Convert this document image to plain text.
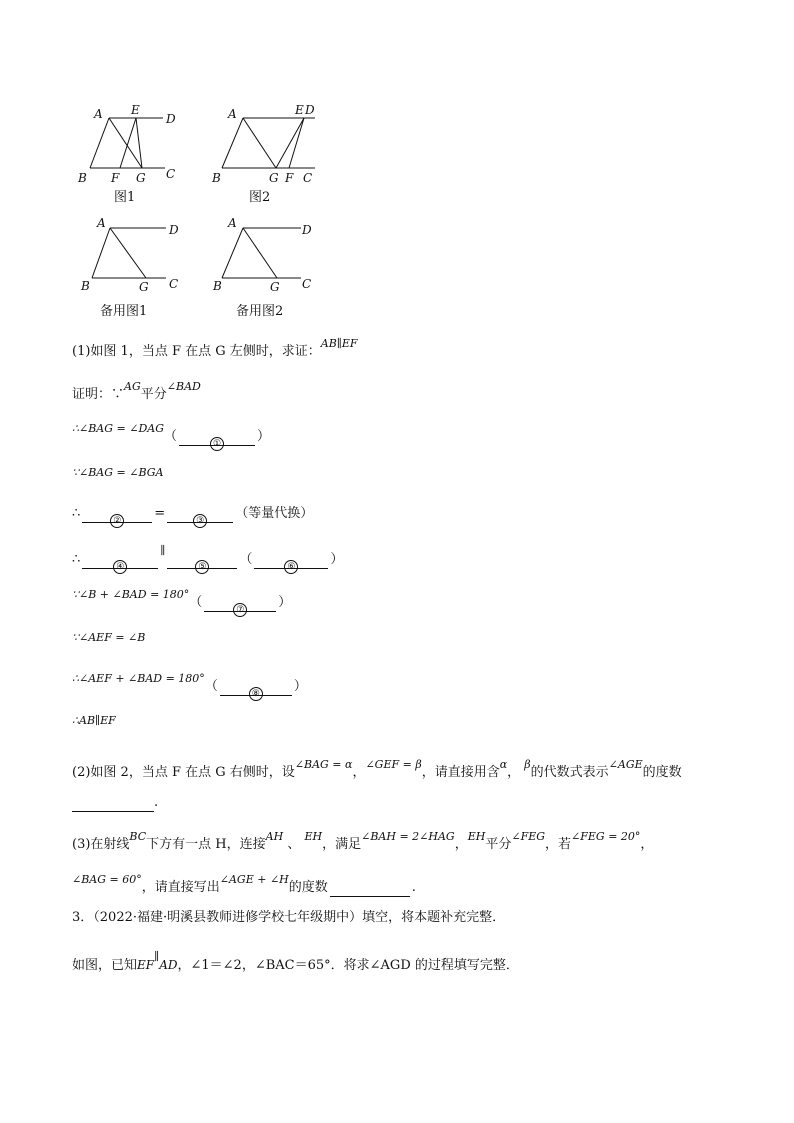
A E
D
B F G C
图1
A	E D
B	G F C
图2
A	D
B	G C
备用图1
A	D
B	G C
备用图2
(1)如图 1，当点 F 在点 G 左侧时，求证：$^{AB\parallel EF}$
证明：∵$^{AG}$平分$^{\angle BAD}$
$^{\therefore\angle BAG = \angle DAG}$（	①	）
$^{\because\angle BAG = \angle BGA}$
∴	②	=	③ （等量代换）
∴	④∥⑤	（	⑥	）
$^{\because\angle B + \angle BAD = 180^\circ}$（	⑦	）
$^{\because\angle AEF = \angle B}$
$^{\therefore\angle AEF + \angle BAD = 180^\circ}$（	⑧	）
$^{\therefore AB\parallel EF}$
(2)如图 2，当点 F 在点 G 右侧时，设$^{\angle BAG = \alpha}$，$^{\angle GEF = \beta}$，请直接用含$^\alpha$， $^\beta$的代数式表示$^{\angle AGE}$的度数
.
(3)在射线$^{BC}$下方有一点 H，连接$^{AH}$ 、 $^{EH}$，满足$^{\angle BAH = 2\angle HAG}$，$^{EH}$平分$^{\angle FEG}$，若$^{\angle FEG = 20^\circ}$，
$^{\angle BAG = 60^\circ}$，请直接写出$^{\angle AGE + \angle H}$的度数	.
3．（2022·福建·明溪县教师进修学校七年级期中）填空，将本题补充完整．
如图，已知EF∥AD，∠1＝∠2，∠BAC＝65°．将求∠AGD 的过程填写完整．
